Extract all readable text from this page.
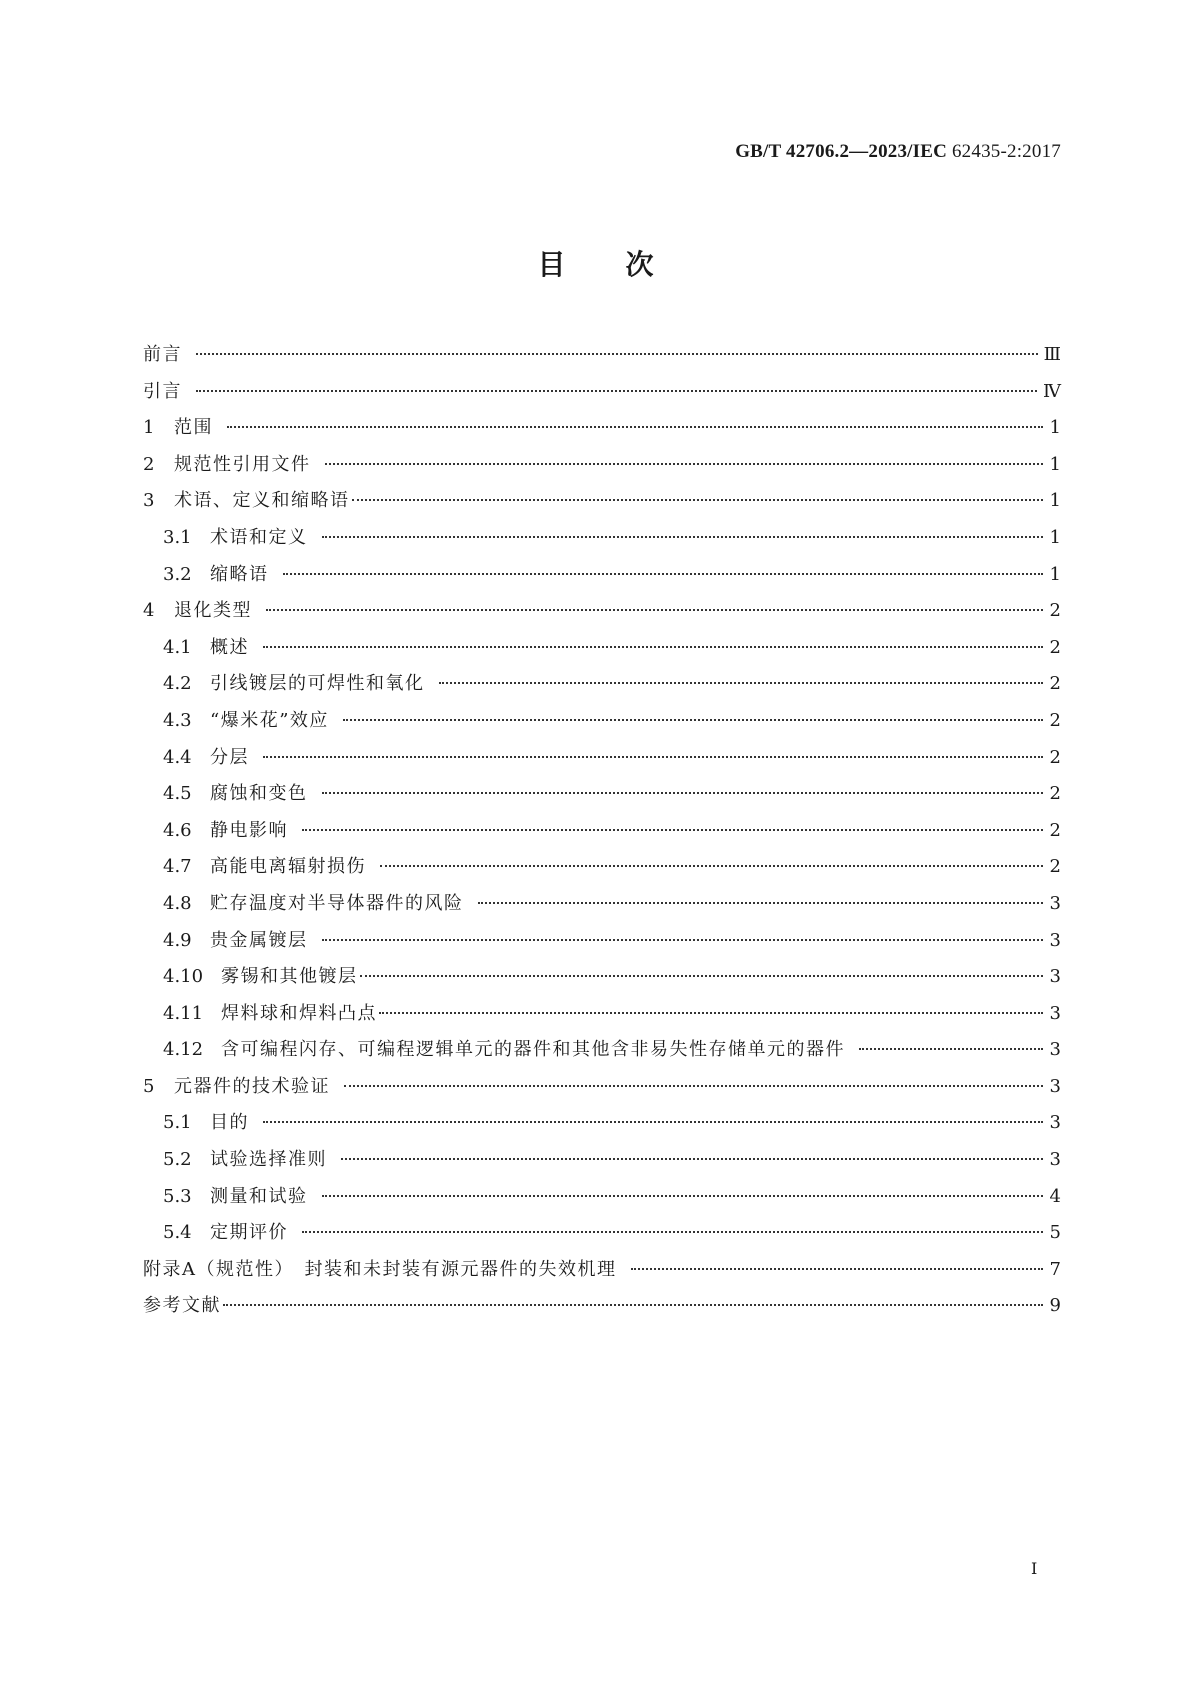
GB/T 42706.2—2023/IEC 62435-2:2017
目次
前言	Ⅲ
引言	Ⅳ
1	范围	1
2	规范性引用文件	1
3	术语、定义和缩略语	1
3.1	术语和定义	1
3.2	缩略语	1
4	退化类型	2
4.1	概述	2
4.2	引线镀层的可焊性和氧化	2
4.3	“爆米花”效应	2
4.4	分层	2
4.5	腐蚀和变色	2
4.6	静电影响	2
4.7	高能电离辐射损伤	2
4.8	贮存温度对半导体器件的风险	3
4.9	贵金属镀层	3
4.10 雾锡和其他镀层	3
4.11 焊料球和焊料凸点	3
4.12 含可编程闪存、可编程逻辑单元的器件和其他含非易失性存储单元的器件	3
5	元器件的技术验证	3
5.1	目的	3
5.2	试验选择准则	3
5.3	测量和试验	4
5.4	定期评价	5
附录A（规范性）　封装和未封装有源元器件的失效机理	7
参考文献	9
Ⅰ
